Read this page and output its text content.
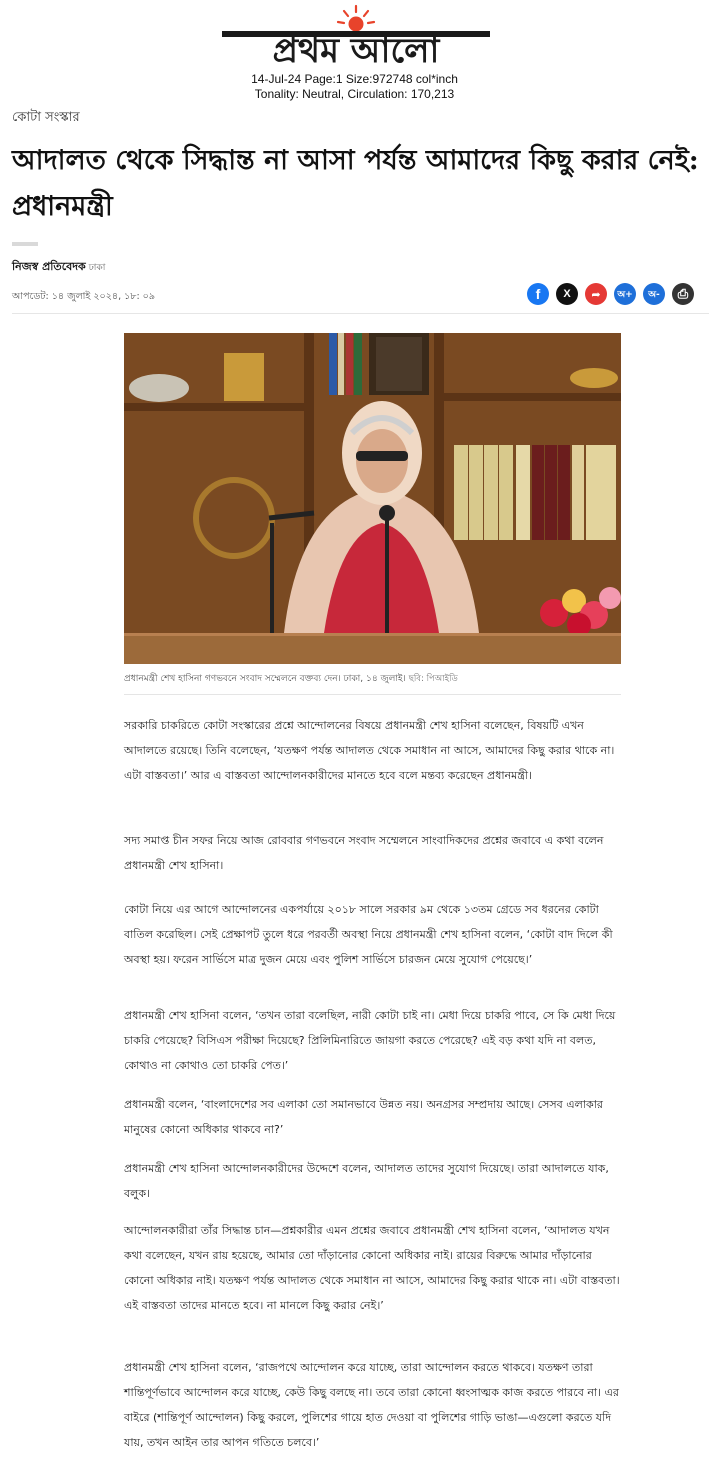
প্রথম আলো
14-Jul-24 Page:1 Size:972748 col*inch
Tonality: Neutral, Circulation: 170,213
কোটা সংস্কার
আদালত থেকে সিদ্ধান্ত না আসা পর্যন্ত আমাদের কিছু করার নেই: প্রধানমন্ত্রী
নিজস্ব প্রতিবেদক ঢাকা
আপডেট: ১৪ জুলাই ২০২৪, ১৮: ০৯	f X ➦ অ+ অ- ⎙
প্রধানমন্ত্রী শেখ হাসিনা গণভবনে সংবাদ সম্মেলনে বক্তব্য দেন। ঢাকা, ১৪ জুলাই। ছবি: পিআইডি

সরকারি চাকরিতে কোটা সংস্কারের প্রশ্নে আন্দোলনের বিষয়ে প্রধানমন্ত্রী শেখ হাসিনা বলেছেন, বিষয়টি এখন আদালতে রয়েছে। তিনি বলেছেন, ‘যতক্ষণ পর্যন্ত আদালত থেকে সমাধান না আসে, আমাদের কিছু করার থাকে না। এটা বাস্তবতা।’ আর এ বাস্তবতা আন্দোলনকারীদের মানতে হবে বলে মন্তব্য করেছেন প্রধানমন্ত্রী।

সদ্য সমাপ্ত চীন সফর নিয়ে আজ রোববার গণভবনে সংবাদ সম্মেলনে সাংবাদিকদের প্রশ্নের জবাবে এ কথা বলেন প্রধানমন্ত্রী শেখ হাসিনা।

কোটা নিয়ে এর আগে আন্দোলনের একপর্যায়ে ২০১৮ সালে সরকার ৯ম থেকে ১৩তম গ্রেডে সব ধরনের কোটা বাতিল করেছিল। সেই প্রেক্ষাপট তুলে ধরে পরবর্তী অবস্থা নিয়ে প্রধানমন্ত্রী শেখ হাসিনা বলেন, ‘কোটা বাদ দিলে কী অবস্থা হয়। ফরেন সার্ভিসে মাত্র দুজন মেয়ে এবং পুলিশ সার্ভিসে চারজন মেয়ে সুযোগ পেয়েছে।’

প্রধানমন্ত্রী শেখ হাসিনা বলেন, ‘তখন তারা বলেছিল, নারী কোটা চাই না। মেধা দিয়ে চাকরি পাবে, সে কি মেধা দিয়ে চাকরি পেয়েছে? বিসিএস পরীক্ষা দিয়েছে? প্রিলিমিনারিতে জায়গা করতে পেরেছে? এই বড় কথা যদি না বলত, কোথাও না কোথাও তো চাকরি পেত।’

প্রধানমন্ত্রী বলেন, ‘বাংলাদেশের সব এলাকা তো সমানভাবে উন্নত নয়। অনগ্রসর সম্প্রদায় আছে। সেসব এলাকার মানুষের কোনো অধিকার থাকবে না?’

প্রধানমন্ত্রী শেখ হাসিনা আন্দোলনকারীদের উদ্দেশে বলেন, আদালত তাদের সুযোগ দিয়েছে। তারা আদালতে যাক, বলুক।

আন্দোলনকারীরা তাঁর সিদ্ধান্ত চান—প্রশ্নকারীর এমন প্রশ্নের জবাবে প্রধানমন্ত্রী শেখ হাসিনা বলেন, ‘আদালত যখন কথা বলেছেন, যখন রায় হয়েছে, আমার তো দাঁড়ানোর কোনো অধিকার নাই। রায়ের বিরুদ্ধে আমার দাঁড়ানোর কোনো অধিকার নাই। যতক্ষণ পর্যন্ত আদালত থেকে সমাধান না আসে, আমাদের কিছু করার থাকে না। এটা বাস্তবতা। এই বাস্তবতা তাদের মানতে হবে। না মানলে কিছু করার নেই।’

প্রধানমন্ত্রী শেখ হাসিনা বলেন, ‘রাজপথে আন্দোলন করে যাচ্ছে, তারা আন্দোলন করতে থাকবে। যতক্ষণ তারা শান্তিপূর্ণভাবে আন্দোলন করে যাচ্ছে, কেউ কিছু বলছে না। তবে তারা কোনো ধ্বংসাত্মক কাজ করতে পারবে না। এর বাইরে (শান্তিপূর্ণ আন্দোলন) কিছু করলে, পুলিশের গায়ে হাত দেওয়া বা পুলিশের গাড়ি ভাঙা—এগুলো করতে যদি যায়, তখন আইন তার আপন গতিতে চলবে।’
